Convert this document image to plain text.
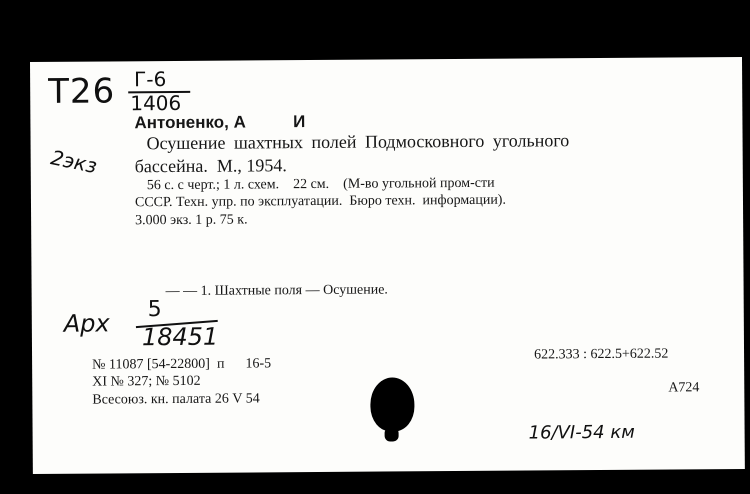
Т26 Г-6
1406
2экз
Антоненко, А          И
Осушение шахтных полей Подмосковного угольного
бассейна.  М., 1954.
56 с. с черт.; 1 л. схем.    22 см.    (М-во угольной пром-сти
СССР. Техн. упр. по эксплуатации.  Бюро техн.  информации).
3.000 экз. 1 р. 75 к.
— — 1. Шахтные поля — Осушение.
Арх 5
18451
№ 11087 [54-22800]  п      16-5
XI № 327; № 5102
Всесоюз. кн. палата 26 V 54
622.333 : 622.5+622.52
А724
16/VI-54 км
